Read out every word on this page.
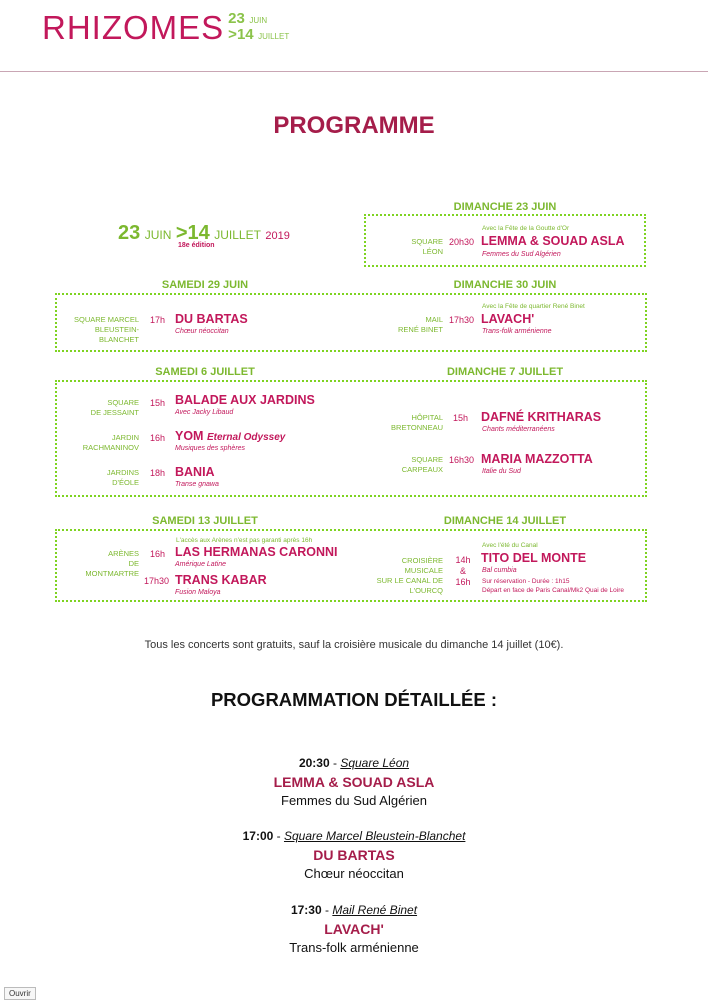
RHIZOMES 23 JUIN
>14 JUILLET
PROGRAMME
23 JUIN >14 JUILLET 2019
18e édition
DIMANCHE 23 JUIN
Avec la Fête de la Goutte d'Or
SQUARE
LÉON
20h30 LEMMA & SOUAD ASLA
Femmes du Sud Algérien
SAMEDI 29 JUIN
SQUARE MARCEL
BLEUSTEIN-
BLANCHET
17h DU BARTAS
Chœur néoccitan
DIMANCHE 30 JUIN
Avec la Fête de quartier René Binet
MAIL
RENÉ BINET
17h30 LAVACH'
Trans-folk arménienne
SAMEDI 6 JUILLET
SQUARE
DE JESSAINT
15h BALADE AUX JARDINS
Avec Jacky Libaud
JARDIN
RACHMANINOV
16h YOM Eternal Odyssey
Musiques des sphères
JARDINS
D'ÉOLE
18h BANIA
Transe gnawa
DIMANCHE 7 JUILLET
HÔPITAL
BRETONNEAU
15h DAFNÉ KRITHARAS
Chants méditerranéens
SQUARE
CARPEAUX
16h30 MARIA MAZZOTTA
Italie du Sud
SAMEDI 13 JUILLET
L'accès aux Arènes n'est pas garanti après 16h
ARÈNES
DE
MONTMARTRE
16h LAS HERMANAS CARONNI
Amérique Latine
17h30 TRANS KABAR
Fusion Maloya
DIMANCHE 14 JUILLET
Avec l'été du Canal
CROISIÈRE MUSICALE
SUR LE CANAL DE
L'OURCQ
14h
&
16h
TITO DEL MONTE
Bal cumbia
Sur réservation - Durée : 1h15
Départ en face de Paris Canal/Mk2 Quai de Loire

Tous les concerts sont gratuits, sauf la croisière musicale du dimanche 14 juillet (10€).

PROGRAMMATION DÉTAILLÉE :
20:30 - Square Léon
LEMMA & SOUAD ASLA
Femmes du Sud Algérien
17:00 - Square Marcel Bleustein-Blanchet
DU BARTAS
Chœur néoccitan
17:30 - Mail René Binet
LAVACH'
Trans-folk arménienne
Ouvrir
